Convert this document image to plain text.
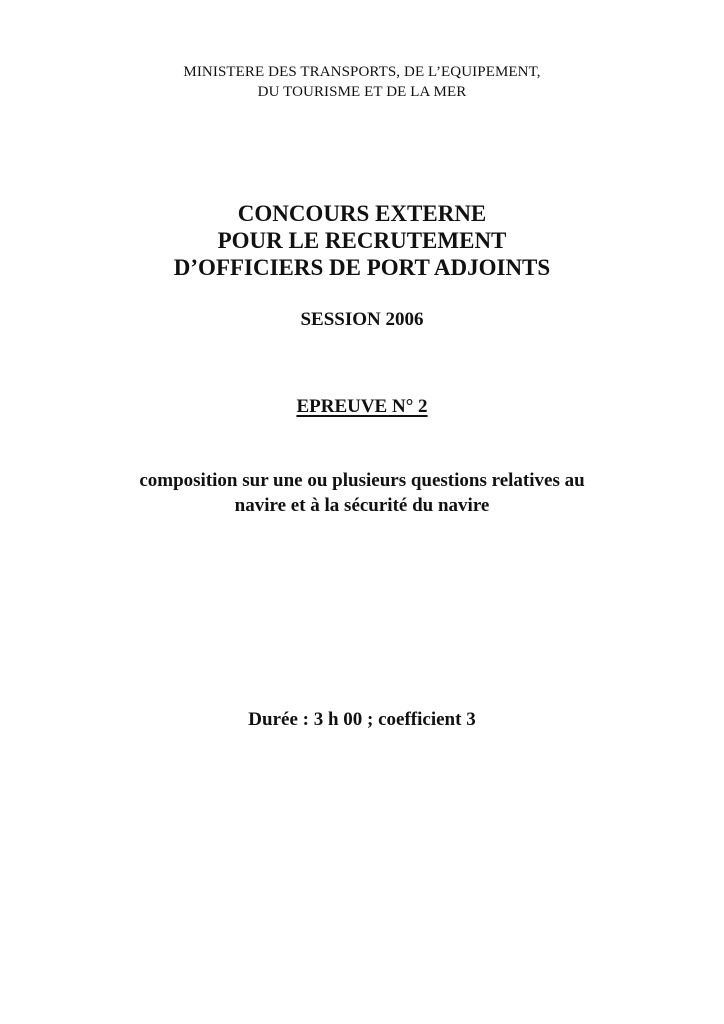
MINISTERE DES TRANSPORTS, DE L’EQUIPEMENT,
DU TOURISME ET DE LA MER
CONCOURS EXTERNE
POUR LE RECRUTEMENT
D’OFFICIERS DE PORT ADJOINTS
SESSION 2006
EPREUVE N° 2
composition sur une ou plusieurs questions relatives au
navire et à la sécurité du navire
Durée : 3 h 00 ; coefficient 3
